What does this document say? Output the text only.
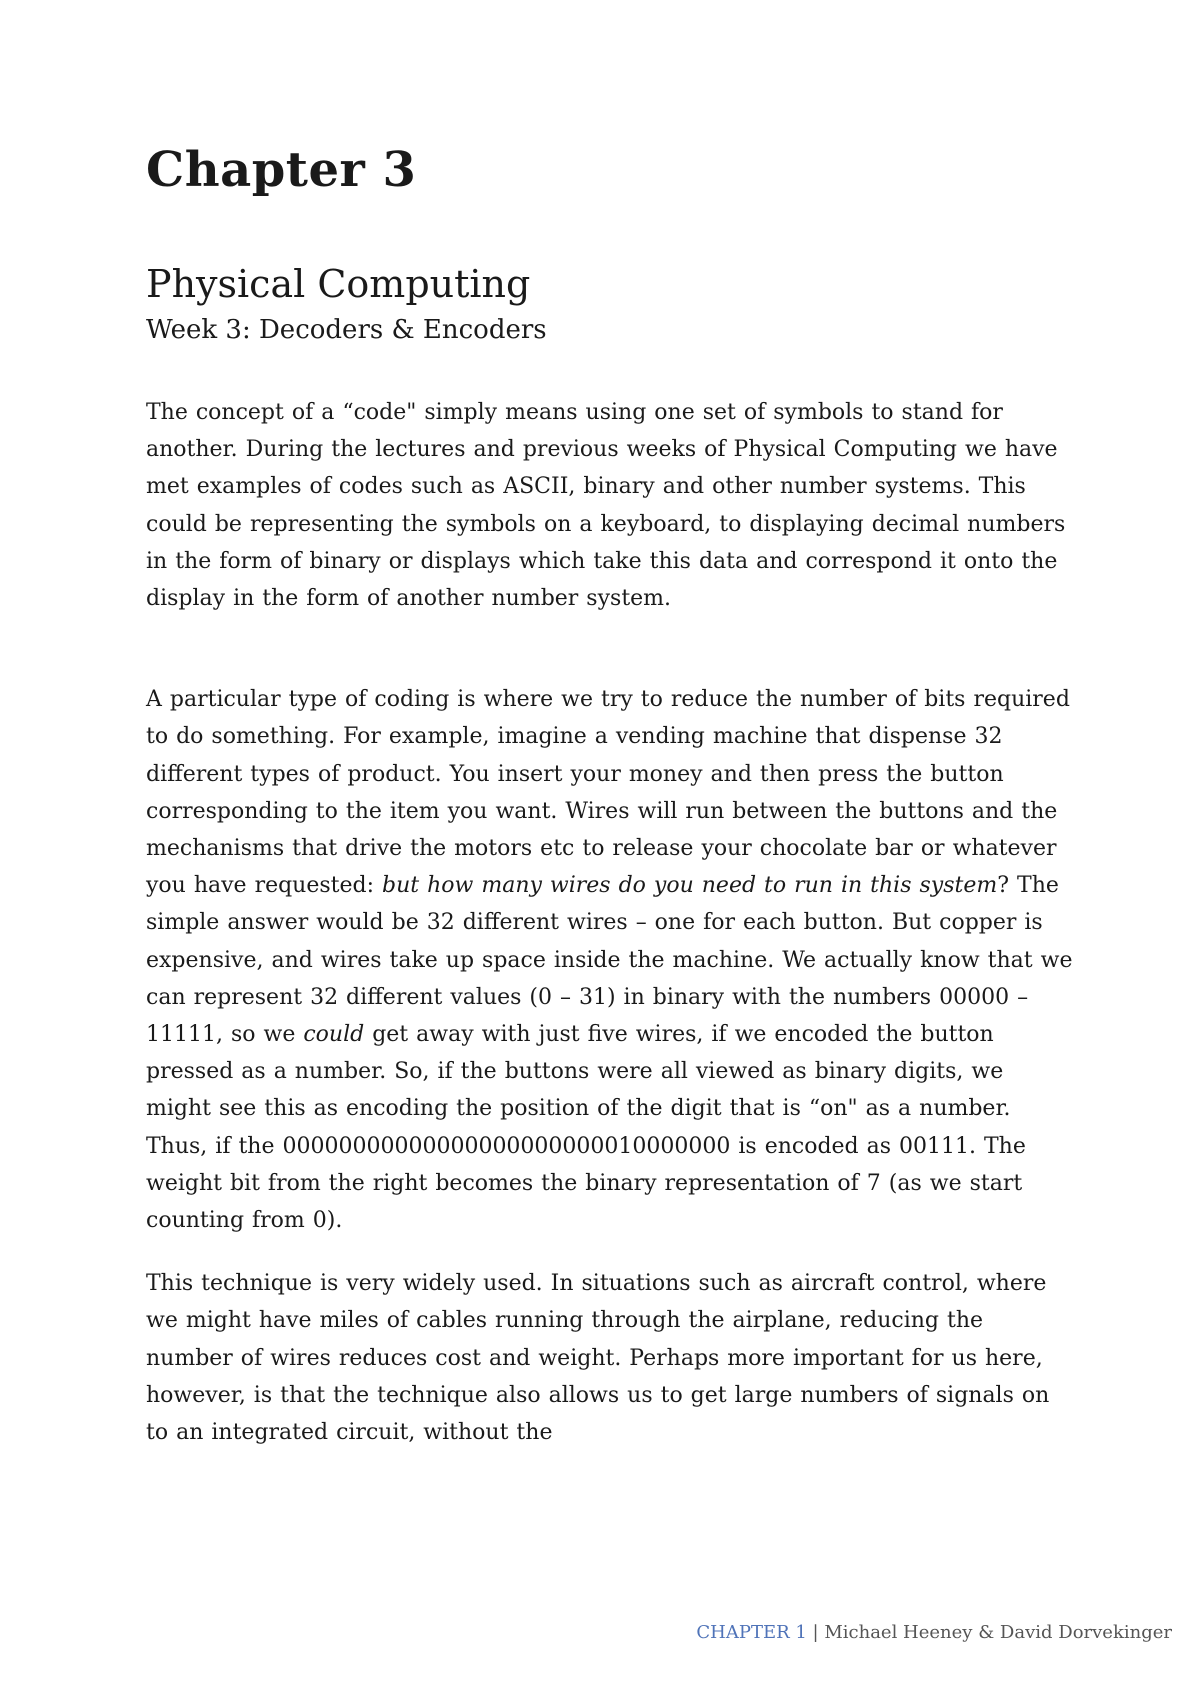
Chapter 3
Physical Computing
Week 3: Decoders & Encoders

The concept of a “code" simply means using one set of symbols to stand for another. During the lectures and previous weeks of Physical Computing we have met examples of codes such as ASCII, binary and other number systems. This could be representing the symbols on a keyboard, to displaying decimal numbers in the form of binary or displays which take this data and correspond it onto the display in the form of another number system.

A particular type of coding is where we try to reduce the number of bits required to do something. For example, imagine a vending machine that dispense 32 different types of product. You insert your money and then press the button corresponding to the item you want. Wires will run between the buttons and the mechanisms that drive the motors etc to release your chocolate bar or whatever you have requested: but how many wires do you need to run in this system? The simple answer would be 32 different wires – one for each button. But copper is expensive, and wires take up space inside the machine. We actually know that we can represent 32 different values (0 – 31) in binary with the numbers 00000 – 11111, so we could get away with just five wires, if we encoded the button pressed as a number. So, if the buttons were all viewed as binary digits, we might see this as encoding the position of the digit that is “on" as a number. Thus, if the 00000000000000000000000010000000 is encoded as 00111. The weight bit from the right becomes the binary representation of 7 (as we start counting from 0).

This technique is very widely used. In situations such as aircraft control, where we might have miles of cables running through the airplane, reducing the number of wires reduces cost and weight. Perhaps more important for us here, however, is that the technique also allows us to get large numbers of signals on to an integrated circuit, without the

CHAPTER 1 | Michael Heeney & David Dorvekinger
